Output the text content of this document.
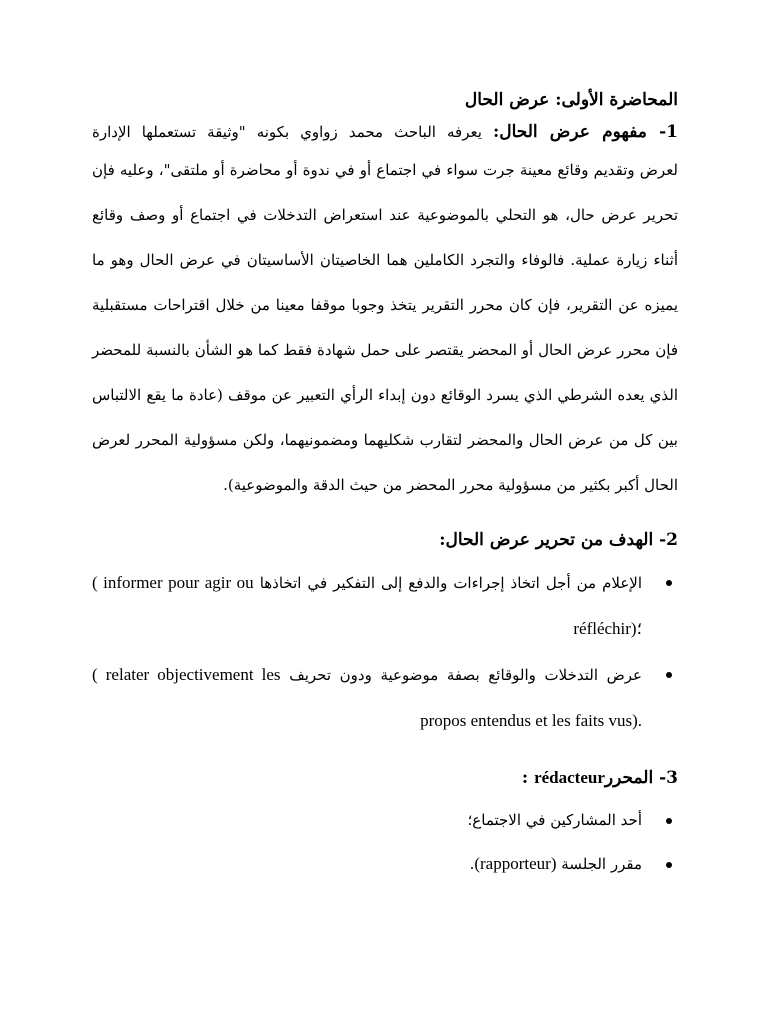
المحاضرة الأولى: عرض الحال

1- مفهوم عرض الحال: يعرفه الباحث محمد زواوي بكونه "وثيقة تستعملها الإدارة

لعرض وتقديم وقائع معينة جرت سواء في اجتماع أو في ندوة أو محاضرة أو ملتقى"، وعليه فإن تحرير عرض حال، هو التحلي بالموضوعية عند استعراض التدخلات في اجتماع أو وصف وقائع أثناء زيارة عملية. فالوفاء والتجرد الكاملين هما الخاصيتان الأساسيتان في عرض الحال وهو ما يميزه عن التقرير، فإن كان محرر التقرير يتخذ وجوبا موقفا معينا من خلال اقتراحات مستقبلية فإن محرر عرض الحال أو المحضر يقتصر على حمل شهادة فقط كما هو الشأن بالنسبة للمحضر الذي يعده الشرطي الذي يسرد الوقائع دون إبداء الرأي التعبير عن موقف (عادة ما يقع الالتباس بين كل من عرض الحال والمحضر لتقارب شكليهما ومضمونيهما، ولكن مسؤولية المحرر لعرض الحال أكبر بكثير من مسؤولية محرر المحضر من حيث الدقة والموضوعية).

2- الهدف من تحرير عرض الحال:
الإعلام من أجل اتخاذ إجراءات والدفع إلى التفكير في اتخاذها ( informer pour agir ou réfléchir)؛
عرض التدخلات والوقائع بصفة موضوعية ودون تحريف ( relater objectivement les propos entendus et les faits vus).
3- المحررrédacteur :
أحد المشاركين في الاجتماع؛
مقرر الجلسة (rapporteur).
